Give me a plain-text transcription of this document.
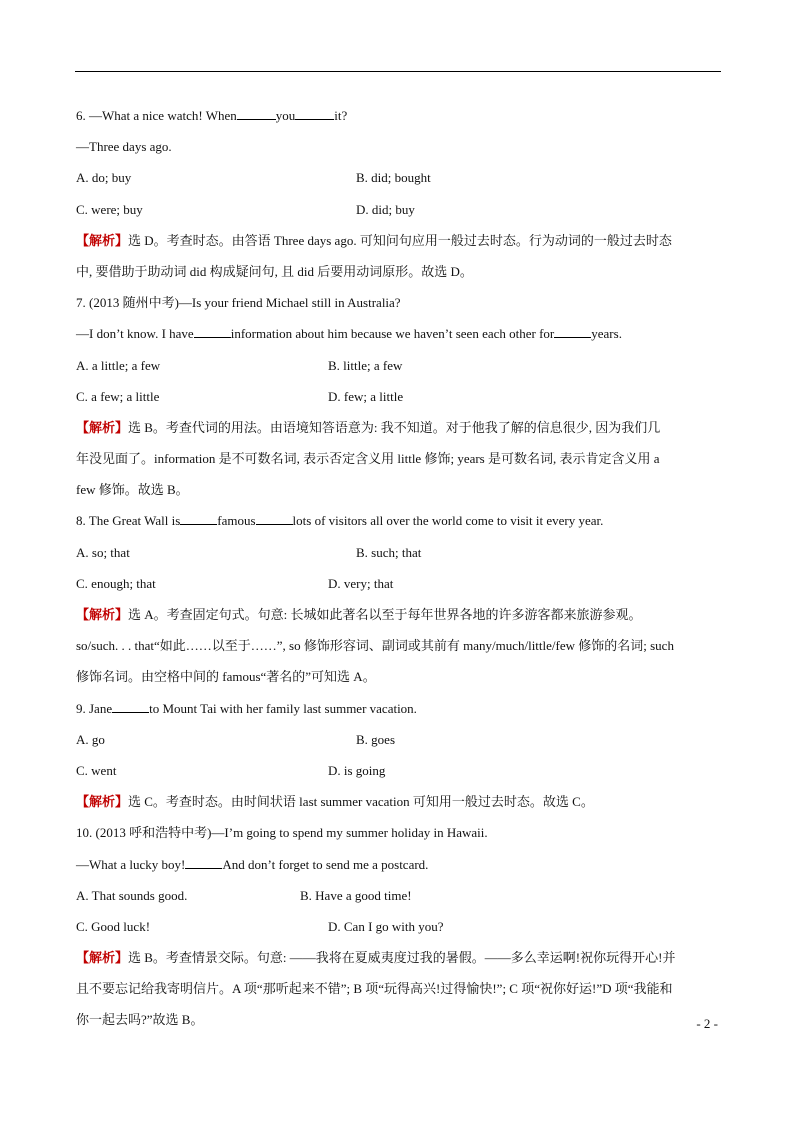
6. —What a nice watch! When	you	it?
—Three days ago.
A. do; buy	B. did; bought
C. were; buy	D. did; buy

【解析】选 D。考查时态。由答语 Three days ago. 可知问句应用一般过去时态。行为动词的一般过去时态

中, 要借助于助动词 did 构成疑问句, 且 did 后要用动词原形。故选 D。

7. (2013 随州中考)—Is your friend Michael still in Australia?
—I don’t know. I have	information about him because we haven’t seen each other for	years.
A. a little; a few	B. little; a few
C. a few; a little	D. few; a little

【解析】选 B。考查代词的用法。由语境知答语意为: 我不知道。对于他我了解的信息很少, 因为我们几

年没见面了。information 是不可数名词, 表示否定含义用 little 修饰; years 是可数名词, 表示肯定含义用 a

few 修饰。故选 B。

8. The Great Wall is	famous	lots of visitors all over the world come to visit it every year.
A. so; that	B. such; that
C. enough; that	D. very; that

【解析】选 A。考查固定句式。句意: 长城如此著名以至于每年世界各地的许多游客都来旅游参观。

so/such. . . that“如此……以至于……”, so 修饰形容词、副词或其前有 many/much/little/few 修饰的名词; such

修饰名词。由空格中间的 famous“著名的”可知选 A。

9. Jane	to Mount Tai with her family last summer vacation.
A. go	B. goes
C. went	D. is going

【解析】选 C。考查时态。由时间状语 last summer vacation 可知用一般过去时态。故选 C。

10. (2013 呼和浩特中考)—I’m going to spend my summer holiday in Hawaii.
—What a lucky boy!	And don’t forget to send me a postcard.
A. That sounds good.	B. Have a good time!
C. Good luck!	D. Can I go with you?

【解析】选 B。考查情景交际。句意: ——我将在夏威夷度过我的暑假。——多么幸运啊!祝你玩得开心!并

且不要忘记给我寄明信片。A 项“那听起来不错”; B 项“玩得高兴!过得愉快!”; C 项“祝你好运!”D 项“我能和

你一起去吗?”故选 B。	- 2 -
